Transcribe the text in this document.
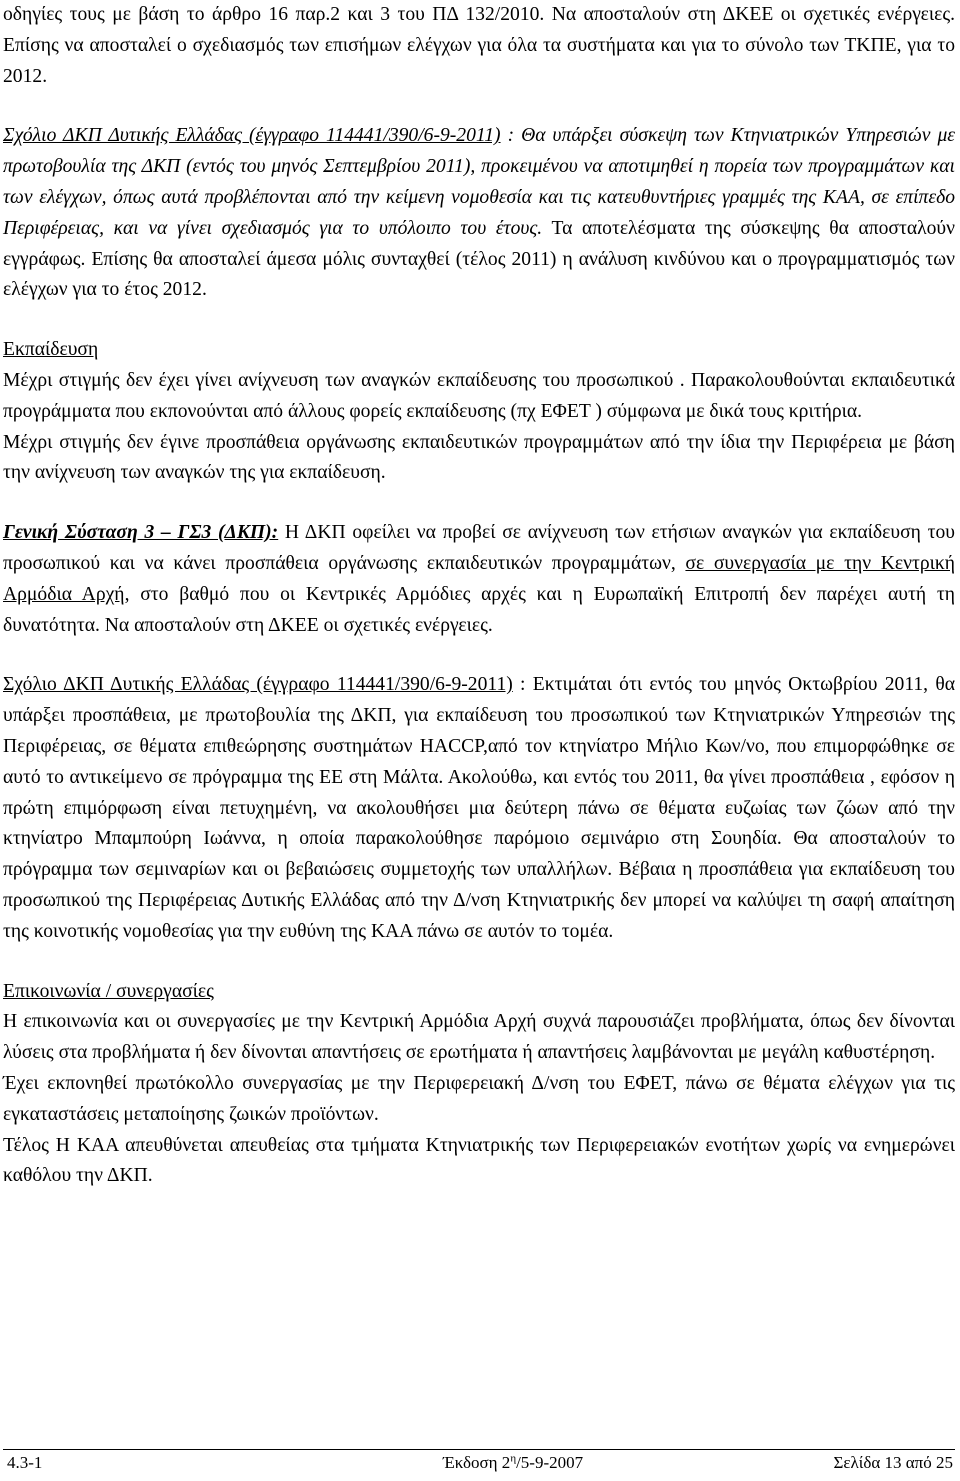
οδηγίες τους με βάση το άρθρο 16 παρ.2 και 3 του ΠΔ 132/2010. Να αποσταλούν στη ΔΚΕΕ οι σχετικές ενέργειες. Επίσης να αποσταλεί ο σχεδιασμός των επισήμων ελέγχων για όλα τα συστήματα και για το σύνολο των ΤΚΠΕ, για το 2012.

Σχόλιο ΔΚΠ Δυτικής Ελλάδας (έγγραφο 114441/390/6-9-2011) : Θα υπάρξει σύσκεψη των Κτηνιατρικών Υπηρεσιών με πρωτοβουλία της ΔΚΠ (εντός του μηνός Σεπτεμβρίου 2011), προκειμένου να αποτιμηθεί η πορεία των προγραμμάτων και των ελέγχων, όπως αυτά προβλέπονται από την κείμενη νομοθεσία και τις κατευθυντήριες γραμμές της ΚΑΑ, σε επίπεδο Περιφέρειας, και να γίνει σχεδιασμός για το υπόλοιπο του έτους. Τα αποτελέσματα της σύσκεψης θα αποσταλούν εγγράφως. Επίσης θα αποσταλεί άμεσα μόλις συνταχθεί (τέλος 2011) η ανάλυση κινδύνου και ο προγραμματισμός των ελέγχων για το έτος 2012.

Εκπαίδευση

Μέχρι στιγμής δεν έχει γίνει ανίχνευση των αναγκών εκπαίδευσης του προσωπικού . Παρακολουθούνται εκπαιδευτικά προγράμματα που εκπονούνται από άλλους φορείς εκπαίδευσης (πχ ΕΦΕΤ ) σύμφωνα με δικά τους κριτήρια.

Μέχρι στιγμής δεν έγινε προσπάθεια οργάνωσης εκπαιδευτικών προγραμμάτων από την ίδια την Περιφέρεια με βάση την ανίχνευση των αναγκών της για εκπαίδευση.

Γενική Σύσταση 3 – ΓΣ3 (ΔΚΠ): Η ΔΚΠ οφείλει να προβεί σε ανίχνευση των ετήσιων αναγκών για εκπαίδευση του προσωπικού και να κάνει προσπάθεια οργάνωσης εκπαιδευτικών προγραμμάτων, σε συνεργασία με την Κεντρική Αρμόδια Αρχή, στο βαθμό που οι Κεντρικές Αρμόδιες αρχές και η Ευρωπαϊκή Επιτροπή δεν παρέχει αυτή τη δυνατότητα. Να αποσταλούν στη ΔΚΕΕ οι σχετικές ενέργειες.

Σχόλιο ΔΚΠ Δυτικής Ελλάδας (έγγραφο 114441/390/6-9-2011) : Εκτιμάται ότι εντός του μηνός Οκτωβρίου 2011, θα υπάρξει προσπάθεια, με πρωτοβουλία της ΔΚΠ, για εκπαίδευση του προσωπικού των Κτηνιατρικών Υπηρεσιών της Περιφέρειας, σε θέματα επιθεώρησης συστημάτων HACCP,από τον κτηνίατρο Μήλιο Κων/νο, που επιμορφώθηκε σε αυτό το αντικείμενο σε πρόγραμμα της ΕΕ στη Μάλτα. Ακολούθω, και εντός του 2011, θα γίνει προσπάθεια , εφόσον η πρώτη επιμόρφωση είναι πετυχημένη, να ακολουθήσει μια δεύτερη πάνω σε θέματα ευζωίας των ζώων από την κτηνίατρο Μπαμπούρη Ιωάννα, η οποία παρακολούθησε παρόμοιο σεμινάριο στη Σουηδία. Θα αποσταλούν το πρόγραμμα των σεμιναρίων και οι βεβαιώσεις συμμετοχής των υπαλλήλων. Βέβαια η προσπάθεια για εκπαίδευση του προσωπικού της Περιφέρειας Δυτικής Ελλάδας από την Δ/νση Κτηνιατρικής δεν μπορεί να καλύψει τη σαφή απαίτηση της κοινοτικής νομοθεσίας για την ευθύνη της ΚΑΑ πάνω σε αυτόν το τομέα.

Επικοινωνία / συνεργασίες

Η επικοινωνία και οι συνεργασίες με την Κεντρική Αρμόδια Αρχή συχνά παρουσιάζει προβλήματα, όπως δεν δίνονται λύσεις στα προβλήματα ή δεν δίνονται απαντήσεις σε ερωτήματα ή απαντήσεις λαμβάνονται με μεγάλη καθυστέρηση.

Έχει εκπονηθεί πρωτόκολλο συνεργασίας με την Περιφερειακή Δ/νση του ΕΦΕΤ, πάνω σε θέματα ελέγχων για τις εγκαταστάσεις μεταποίησης ζωικών προϊόντων.

Τέλος Η ΚΑΑ απευθύνεται απευθείας στα τμήματα Κτηνιατρικής των Περιφερειακών ενοτήτων χωρίς να ενημερώνει καθόλου την ΔΚΠ.

4.3-1	Έκδοση $2^\eta/5-9-2007$	Σελίδα 13 από 25
